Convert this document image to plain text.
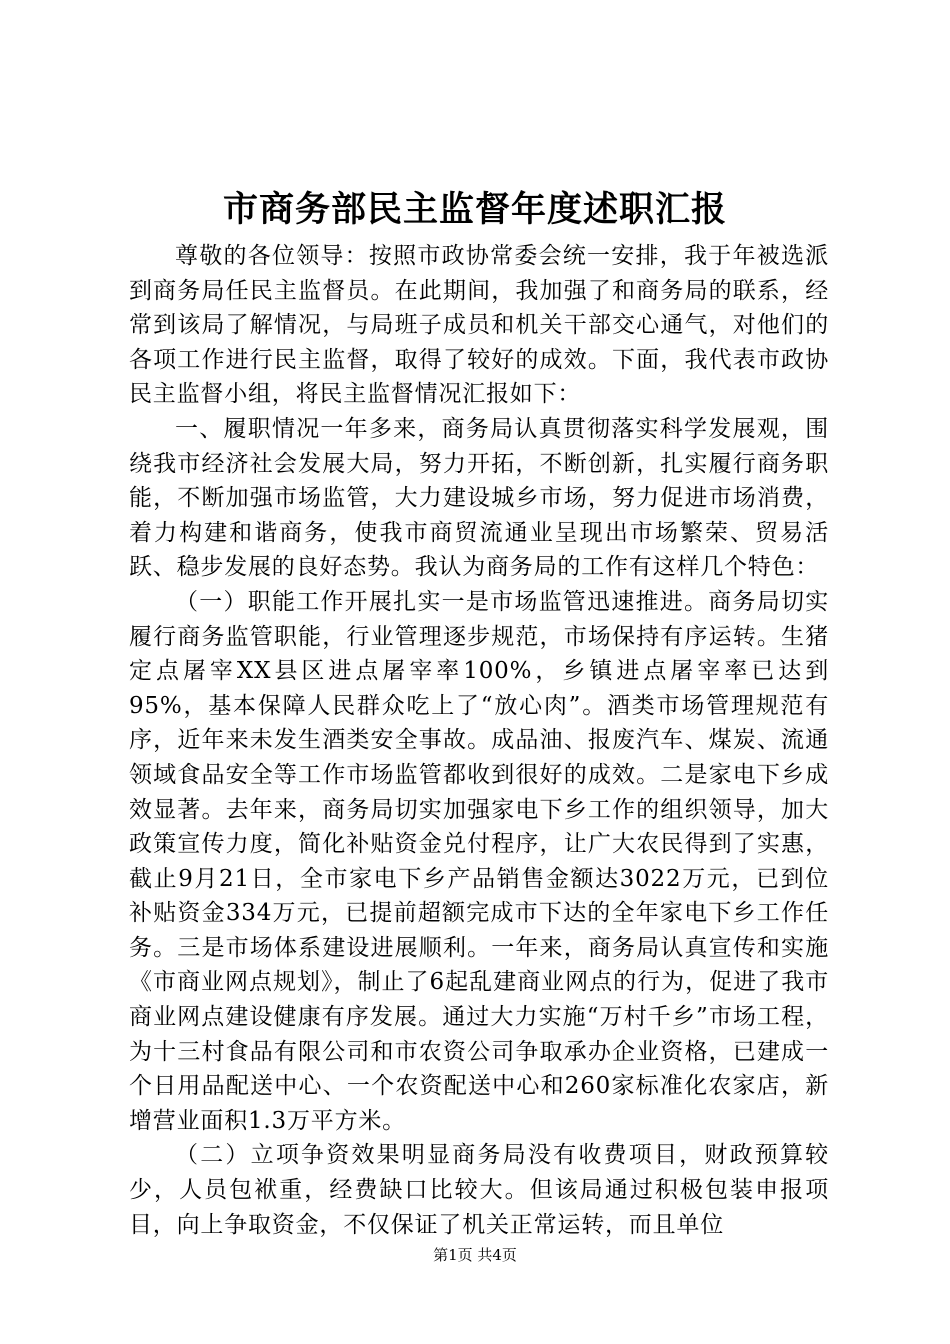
市商务部民主监督年度述职汇报

尊敬的各位领导：按照市政协常委会统一安排，我于年被选派到商务局任民主监督员。在此期间，我加强了和商务局的联系，经常到该局了解情况，与局班子成员和机关干部交心通气，对他们的各项工作进行民主监督，取得了较好的成效。下面，我代表市政协民主监督小组，将民主监督情况汇报如下：

一、履职情况一年多来，商务局认真贯彻落实科学发展观，围绕我市经济社会发展大局，努力开拓，不断创新，扎实履行商务职能，不断加强市场监管，大力建设城乡市场，努力促进市场消费，着力构建和谐商务，使我市商贸流通业呈现出市场繁荣、贸易活跃、稳步发展的良好态势。我认为商务局的工作有这样几个特色：

（一）职能工作开展扎实一是市场监管迅速推进。商务局切实履行商务监管职能，行业管理逐步规范，市场保持有序运转。生猪定点屠宰XX县区进点屠宰率100%，乡镇进点屠宰率已达到95%，基本保障人民群众吃上了“放心肉”。酒类市场管理规范有序，近年来未发生酒类安全事故。成品油、报废汽车、煤炭、流通领域食品安全等工作市场监管都收到很好的成效。二是家电下乡成效显著。去年来，商务局切实加强家电下乡工作的组织领导，加大政策宣传力度，简化补贴资金兑付程序，让广大农民得到了实惠，截止9月21日，全市家电下乡产品销售金额达3022万元，已到位补贴资金334万元，已提前超额完成市下达的全年家电下乡工作任务。三是市场体系建设进展顺利。一年来，商务局认真宣传和实施《市商业网点规划》，制止了6起乱建商业网点的行为，促进了我市商业网点建设健康有序发展。通过大力实施“万村千乡”市场工程，为十三村食品有限公司和市农资公司争取承办企业资格，已建成一个日用品配送中心、一个农资配送中心和260家标准化农家店，新增营业面积1.3万平方米。

（二）立项争资效果明显商务局没有收费项目，财政预算较少，人员包袱重，经费缺口比较大。但该局通过积极包装申报项目，向上争取资金，不仅保证了机关正常运转，而且单位

第1页 共4页
